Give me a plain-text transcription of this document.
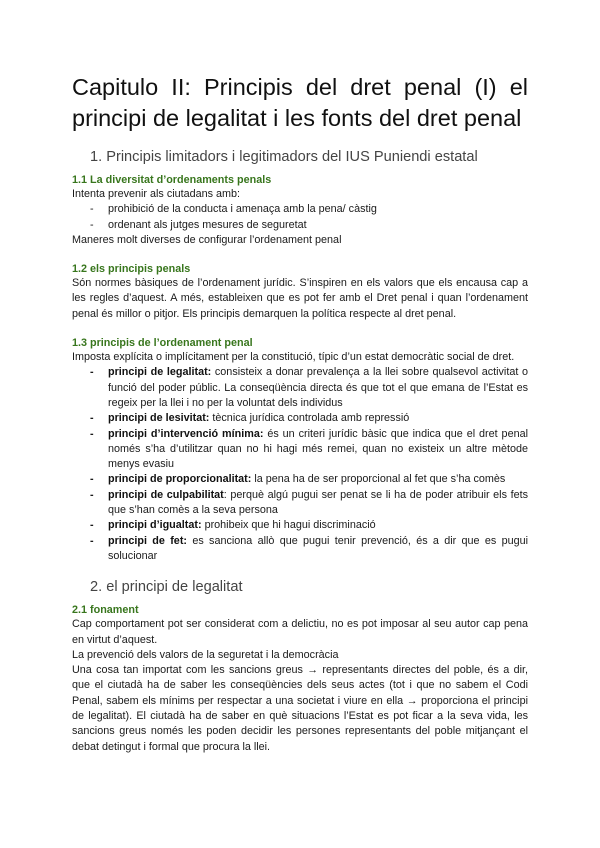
Capitulo II: Principis del dret penal (I) el principi de legalitat i les fonts del dret penal
1. Principis limitadors i legitimadors del IUS Puniendi estatal
1.1 La diversitat d’ordenaments penals

Intenta prevenir als ciutadans amb:

- prohibició de la conducta i amenaça amb la pena/ càstig
- ordenant als jutges mesures de seguretat

Maneres molt diverses de configurar l’ordenament penal

1.2 els principis penals

Són normes bàsiques de l’ordenament jurídic. S’inspiren en els valors que els encausa cap a les regles d’aquest. A més, estableixen que es pot fer amb el Dret penal i quan l’ordenament penal és millor o pitjor. Els principis demarquen la política respecte al dret penal.

1.3 principis de l’ordenament penal

Imposta explícita o implícitament per la constitució, típic d’un estat democràtic social de dret.

- principi de legalitat: consisteix a donar prevalença a la llei sobre qualsevol activitat o funció del poder públic. La conseqüència directa és que tot el que emana de l’Estat es regeix per la llei i no per la voluntat dels individus
- principi de lesivitat: tècnica jurídica controlada amb repressió
- principi d’intervenció mínima: és un criteri jurídic bàsic que indica que el dret penal només s’ha d’utilitzar quan no hi hagi més remei, quan no existeix un altre mètode menys evasiu
- principi de proporcionalitat: la pena ha de ser proporcional al fet que s’ha comès
- principi de culpabilitat: perquè algú pugui ser penat se li ha de poder atribuir els fets que s’han comès a la seva persona
- principi d’igualtat: prohibeix que hi hagui discriminació
- principi de fet: es sanciona allò que pugui tenir prevenció, és a dir que es pugui solucionar
2. el principi de legalitat
2.1 fonament

Cap comportament pot ser considerat com a delictiu, no es pot imposar al seu autor cap pena en virtut d’aquest.

La prevenció dels valors de la seguretat i la democràcia

Una cosa tan importat com les sancions greus → representants directes del poble, és a dir, que el ciutadà ha de saber les conseqüències dels seus actes (tot i que no sabem el Codi Penal, sabem els mínims per respectar a una societat i viure en ella → proporciona el principi de legalitat). El ciutadà ha de saber en què situacions l’Estat es pot ficar a la seva vida, les sancions greus només les poden decidir les persones representants del poble mitjançant el debat detingut i formal que procura la llei.
